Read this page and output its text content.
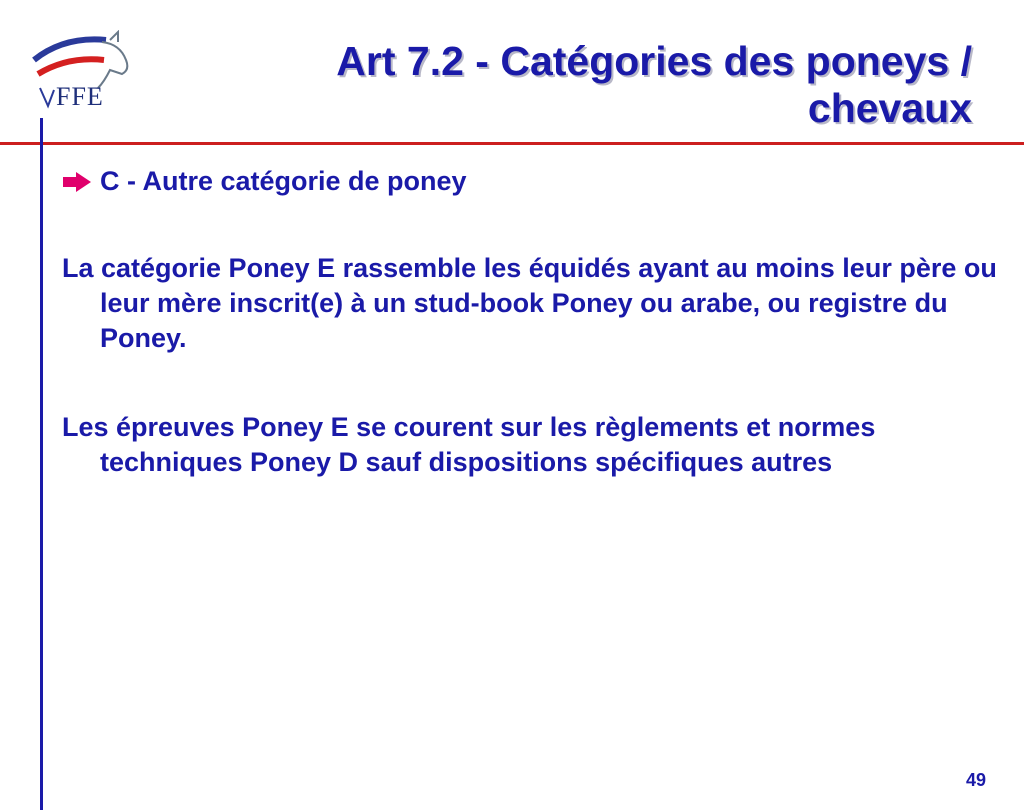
FFE
Art 7.2 - Catégories des poneys / chevaux
C - Autre catégorie de poney

La catégorie Poney E rassemble les équidés ayant au moins leur père ou leur mère inscrit(e) à un stud-book Poney ou arabe, ou registre du Poney.

Les épreuves Poney E se courent sur les règlements et normes techniques Poney D sauf dispositions spécifiques autres

49
